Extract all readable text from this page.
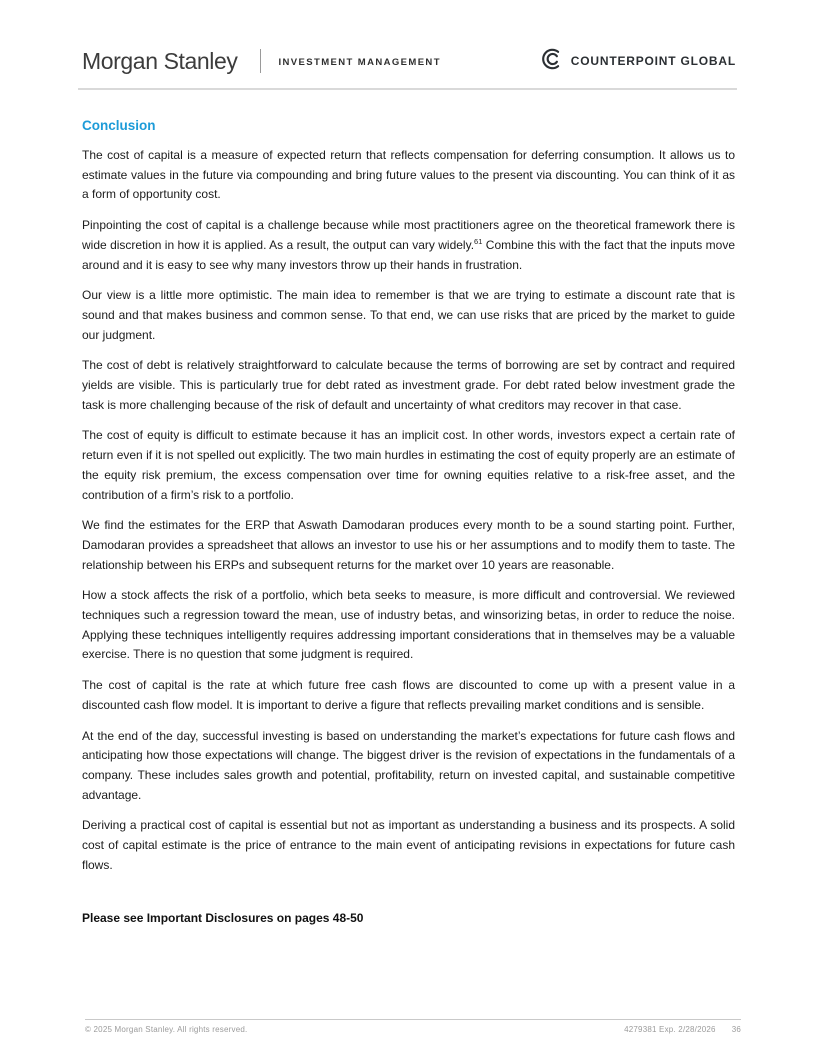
Morgan Stanley	INVESTMENT MANAGEMENT	COUNTERPOINT GLOBAL
Conclusion

The cost of capital is a measure of expected return that reflects compensation for deferring consumption. It allows us to estimate values in the future via compounding and bring future values to the present via discounting. You can think of it as a form of opportunity cost.

Pinpointing the cost of capital is a challenge because while most practitioners agree on the theoretical framework there is wide discretion in how it is applied. As a result, the output can vary widely.$^{61}$ Combine this with the fact that the inputs move around and it is easy to see why many investors throw up their hands in frustration.

Our view is a little more optimistic. The main idea to remember is that we are trying to estimate a discount rate that is sound and that makes business and common sense. To that end, we can use risks that are priced by the market to guide our judgment.

The cost of debt is relatively straightforward to calculate because the terms of borrowing are set by contract and required yields are visible. This is particularly true for debt rated as investment grade. For debt rated below investment grade the task is more challenging because of the risk of default and uncertainty of what creditors may recover in that case.

The cost of equity is difficult to estimate because it has an implicit cost. In other words, investors expect a certain rate of return even if it is not spelled out explicitly. The two main hurdles in estimating the cost of equity properly are an estimate of the equity risk premium, the excess compensation over time for owning equities relative to a risk-free asset, and the contribution of a firm’s risk to a portfolio.

We find the estimates for the ERP that Aswath Damodaran produces every month to be a sound starting point. Further, Damodaran provides a spreadsheet that allows an investor to use his or her assumptions and to modify them to taste. The relationship between his ERPs and subsequent returns for the market over 10 years are reasonable.

How a stock affects the risk of a portfolio, which beta seeks to measure, is more difficult and controversial. We reviewed techniques such a regression toward the mean, use of industry betas, and winsorizing betas, in order to reduce the noise. Applying these techniques intelligently requires addressing important considerations that in themselves may be a valuable exercise. There is no question that some judgment is required.

The cost of capital is the rate at which future free cash flows are discounted to come up with a present value in a discounted cash flow model. It is important to derive a figure that reflects prevailing market conditions and is sensible.

At the end of the day, successful investing is based on understanding the market’s expectations for future cash flows and anticipating how those expectations will change. The biggest driver is the revision of expectations in the fundamentals of a company. These includes sales growth and potential, profitability, return on invested capital, and sustainable competitive advantage.

Deriving a practical cost of capital is essential but not as important as understanding a business and its prospects. A solid cost of capital estimate is the price of entrance to the main event of anticipating revisions in expectations for future cash flows.

Please see Important Disclosures on pages 48-50

© 2025 Morgan Stanley. All rights reserved.	4279381 Exp. 2/28/2026 36
